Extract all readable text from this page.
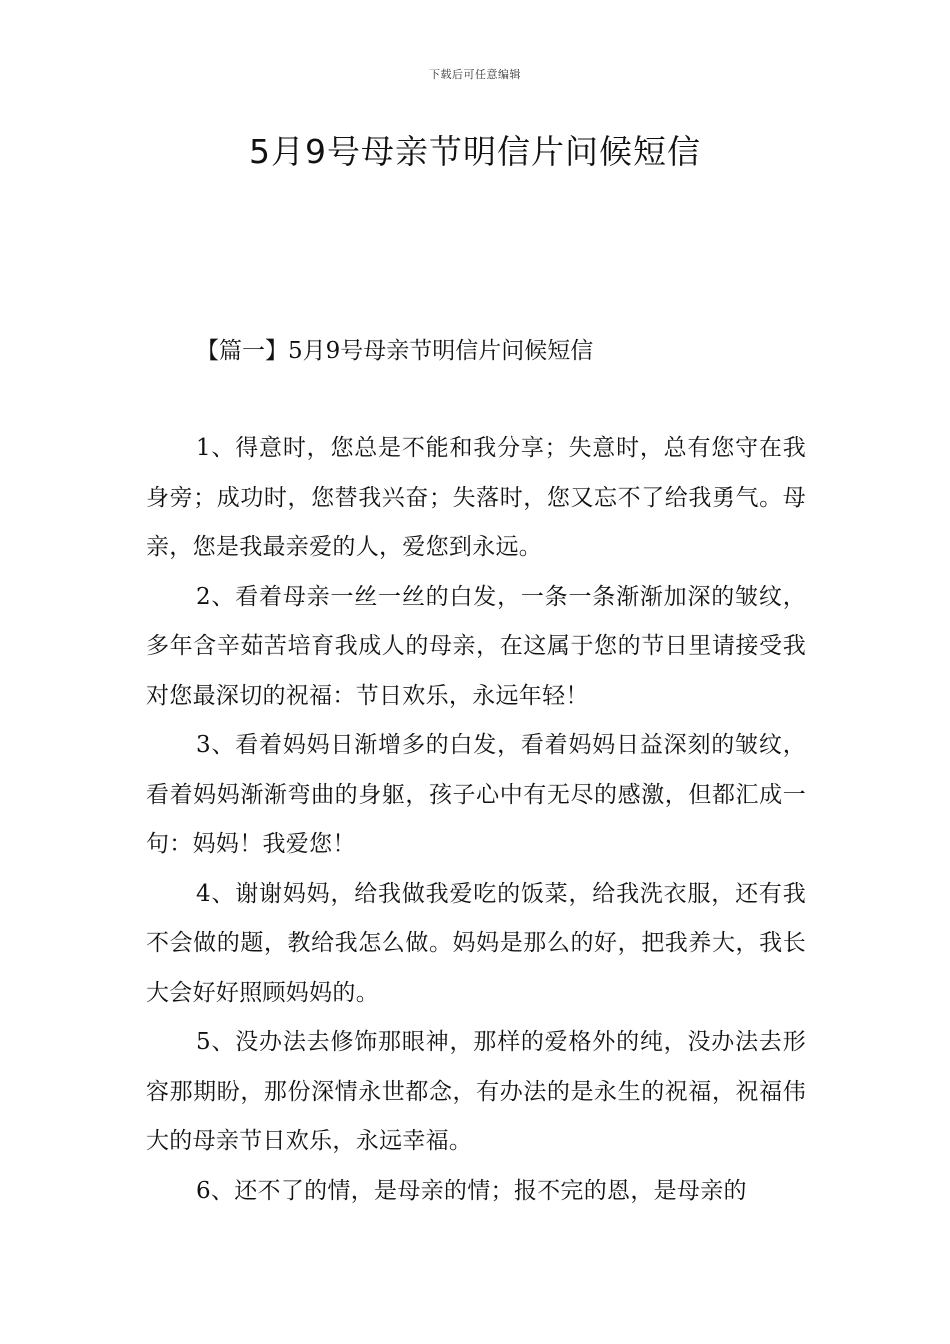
下载后可任意编辑
5月9号母亲节明信片问候短信
【篇一】5月9号母亲节明信片问候短信

1、得意时，您总是不能和我分享；失意时，总有您守在我身旁；成功时，您替我兴奋；失落时，您又忘不了给我勇气。母亲，您是我最亲爱的人，爱您到永远。

2、看着母亲一丝一丝的白发，一条一条渐渐加深的皱纹，多年含辛茹苦培育我成人的母亲，在这属于您的节日里请接受我对您最深切的祝福：节日欢乐，永远年轻！

3、看着妈妈日渐增多的白发，看着妈妈日益深刻的皱纹，看着妈妈渐渐弯曲的身躯，孩子心中有无尽的感激，但都汇成一句：妈妈！我爱您！

4、谢谢妈妈，给我做我爱吃的饭菜，给我洗衣服，还有我不会做的题，教给我怎么做。妈妈是那么的好，把我养大，我长大会好好照顾妈妈的。

5、没办法去修饰那眼神，那样的爱格外的纯，没办法去形容那期盼，那份深情永世都念，有办法的是永生的祝福，祝福伟大的母亲节日欢乐，永远幸福。

6、还不了的情，是母亲的情；报不完的恩，是母亲的
